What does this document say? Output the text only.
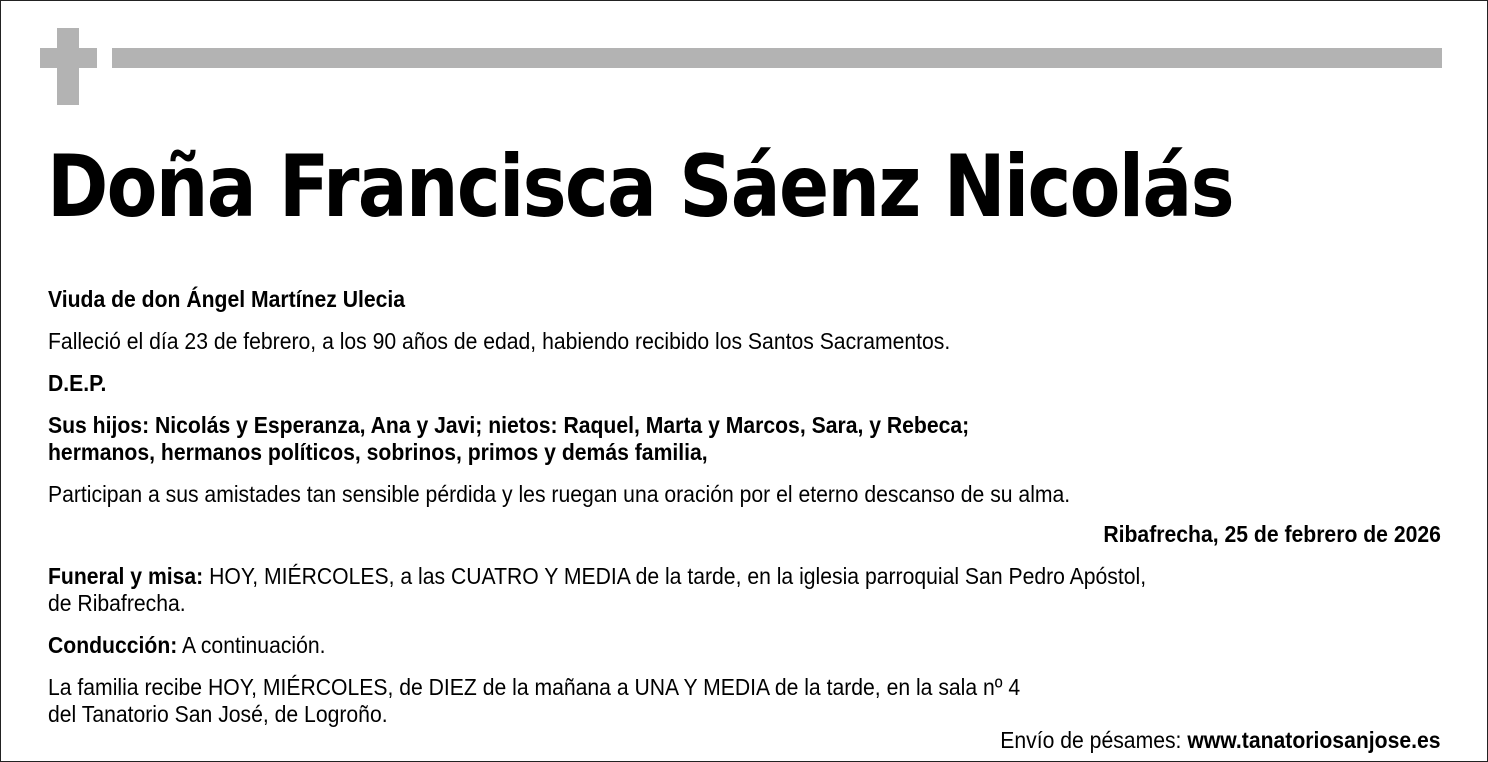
Doña Francisca Sáenz Nicolás

Viuda de don Ángel Martínez Ulecia

Falleció el día 23 de febrero, a los 90 años de edad, habiendo recibido los Santos Sacramentos.

D.E.P.

Sus hijos: Nicolás y Esperanza, Ana y Javi; nietos: Raquel, Marta y Marcos, Sara, y Rebeca;

hermanos, hermanos políticos, sobrinos, primos y demás familia,

Participan a sus amistades tan sensible pérdida y les ruegan una oración por el eterno descanso de su alma.

Ribafrecha, 25 de febrero de 2026

Funeral y misa: HOY, MIÉRCOLES, a las CUATRO Y MEDIA de la tarde, en la iglesia parroquial San Pedro Apóstol,

de Ribafrecha.

Conducción: A continuación.

La familia recibe HOY, MIÉRCOLES, de DIEZ de la mañana a UNA Y MEDIA de la tarde, en la sala nº 4

del Tanatorio San José, de Logroño.

Envío de pésames: www.tanatoriosanjose.es
